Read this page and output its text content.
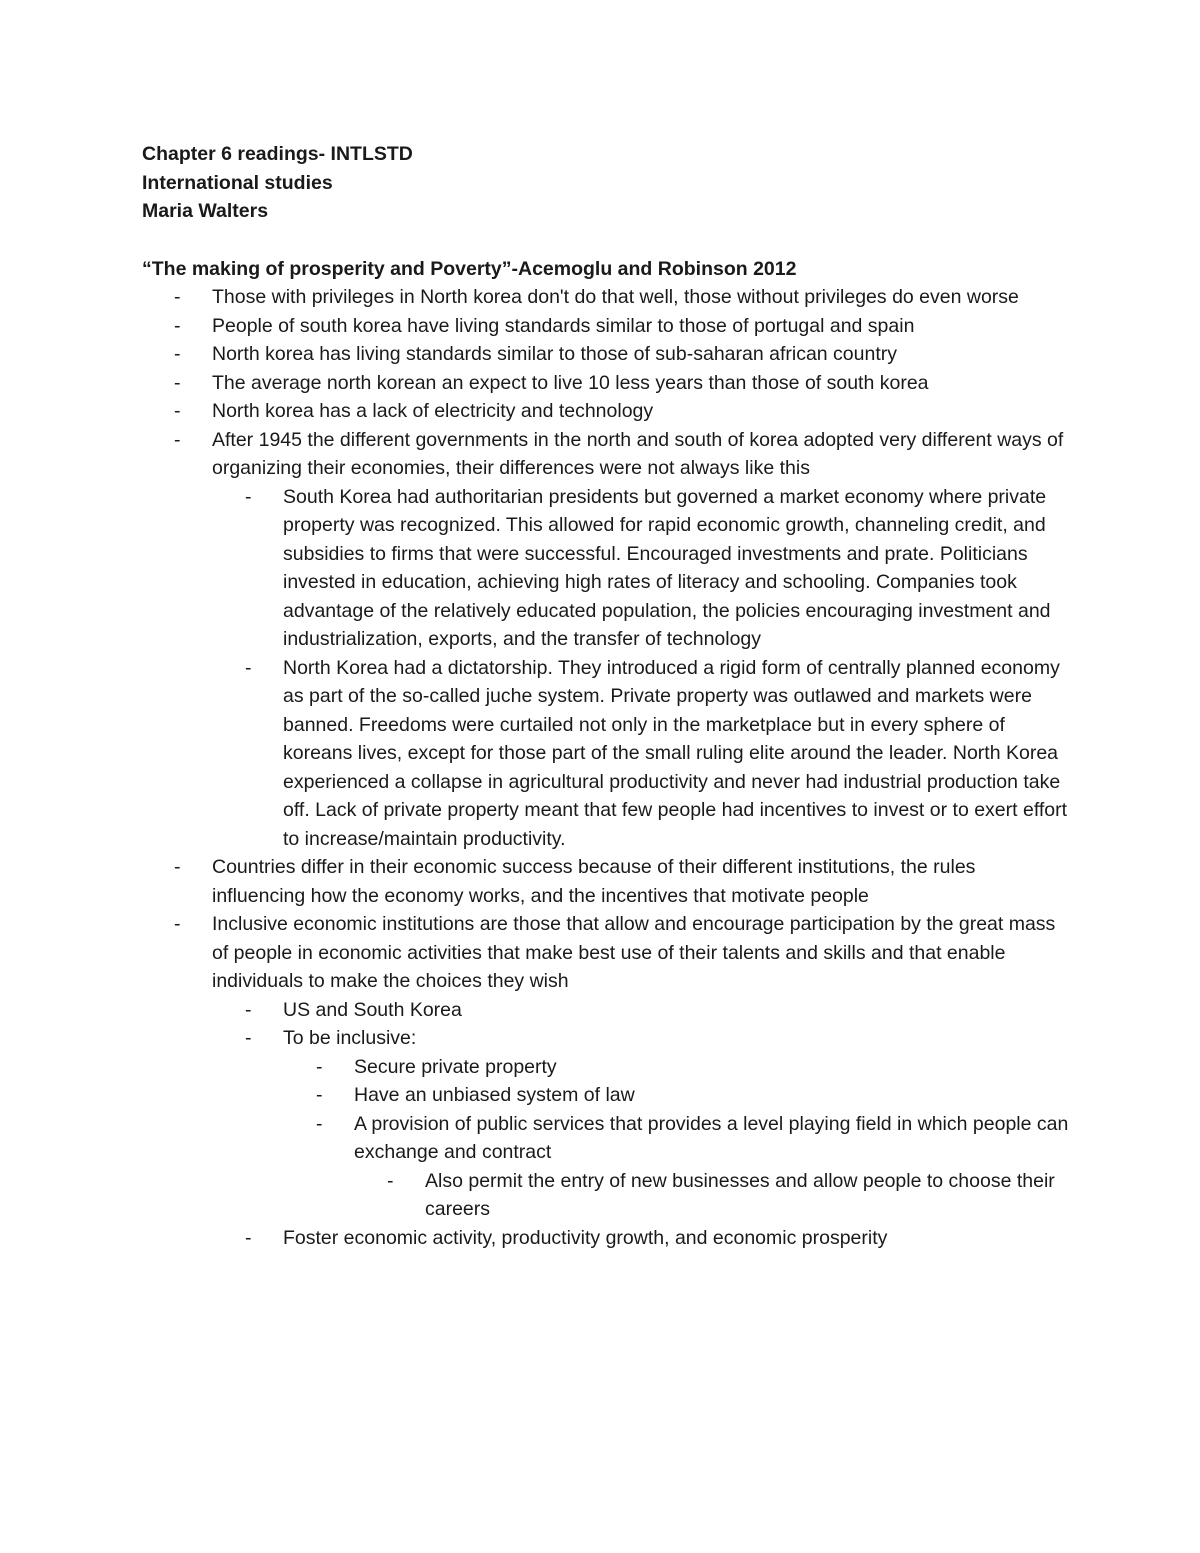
Chapter 6 readings- INTLSTD
International studies
Maria Walters
“The making of prosperity and Poverty”-Acemoglu and Robinson 2012
- Those with privileges in North korea don't do that well, those without privileges do even worse
- People of south korea have living standards similar to those of portugal and spain
- North korea has living standards similar to those of sub-saharan african country
- The average north korean an expect to live 10 less years than those of south korea
- North korea has a lack of electricity and technology
- After 1945 the different governments in the north and south of korea adopted very different ways of organizing their economies, their differences were not always like this
- South Korea had authoritarian presidents but governed a market economy where private property was recognized. This allowed for rapid economic growth, channeling credit, and subsidies to firms that were successful. Encouraged investments and prate. Politicians invested in education, achieving high rates of literacy and schooling. Companies took advantage of the relatively educated population, the policies encouraging investment and industrialization, exports, and the transfer of technology
- North Korea had a dictatorship. They introduced a rigid form of centrally planned economy as part of the so-called juche system. Private property was outlawed and markets were banned. Freedoms were curtailed not only in the marketplace but in every sphere of koreans lives, except for those part of the small ruling elite around the leader. North Korea experienced a collapse in agricultural productivity and never had industrial production take off. Lack of private property meant that few people had incentives to invest or to exert effort to increase/maintain productivity.
- Countries differ in their economic success because of their different institutions, the rules influencing how the economy works, and the incentives that motivate people
- Inclusive economic institutions are those that allow and encourage participation by the great mass of people in economic activities that make best use of their talents and skills and that enable individuals to make the choices they wish
- US and South Korea
- To be inclusive:
- Secure private property
- Have an unbiased system of law
- A provision of public services that provides a level playing field in which people can exchange and contract
- Also permit the entry of new businesses and allow people to choose their careers
- Foster economic activity, productivity growth, and economic prosperity
